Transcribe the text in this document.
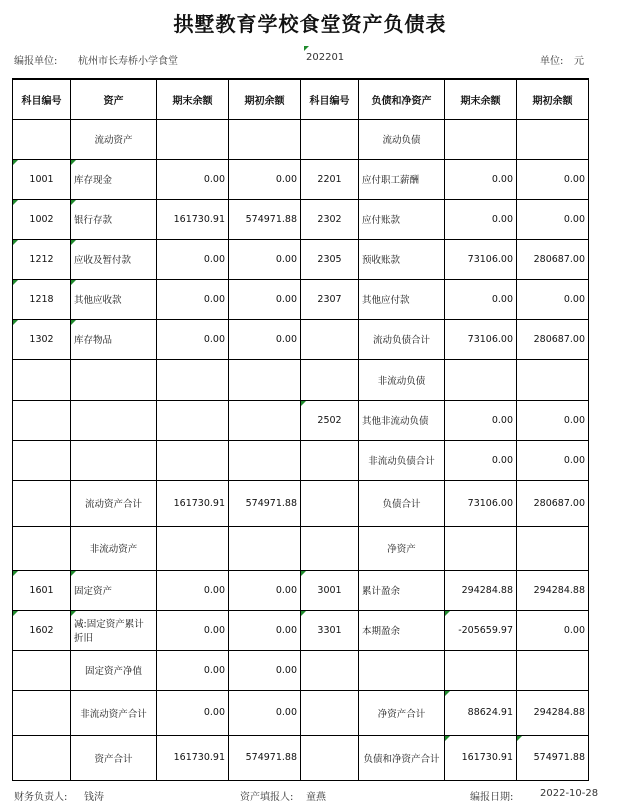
拱墅教育学校食堂资产负债表
编报单位: 杭州市长寿桥小学食堂	202201	单位: 元
科目编号	资产	期末余额	期初余额	科目编号	负债和净资产	期末余额	期初余额
	流动资产				流动负债		
1001	库存现金	0.00	0.00	2201	应付职工薪酬	0.00	0.00
1002	银行存款	161730.91	574971.88	2302	应付账款	0.00	0.00
1212	应收及暂付款	0.00	0.00	2305	预收账款	73106.00	280687.00
1218	其他应收款	0.00	0.00	2307	其他应付款	0.00	0.00
1302	库存物品	0.00	0.00		流动负债合计	73106.00	280687.00
					非流动负债		
				2502	其他非流动负债	0.00	0.00
					非流动负债合计	0.00	0.00
	流动资产合计	161730.91	574971.88		负债合计	73106.00	280687.00
	非流动资产				净资产		
1601	固定资产	0.00	0.00	3001	累计盈余	294284.88	294284.88
1602	减:固定资产累计折旧	0.00	0.00	3301	本期盈余	-205659.97	0.00
	固定资产净值	0.00	0.00				
	非流动资产合计	0.00	0.00		净资产合计	88624.91	294284.88
	资产合计	161730.91	574971.88		负债和净资产合计	161730.91	574971.88
财务负责人: 钱涛	资产填报人: 童燕	编报日期:	2022-10-28
